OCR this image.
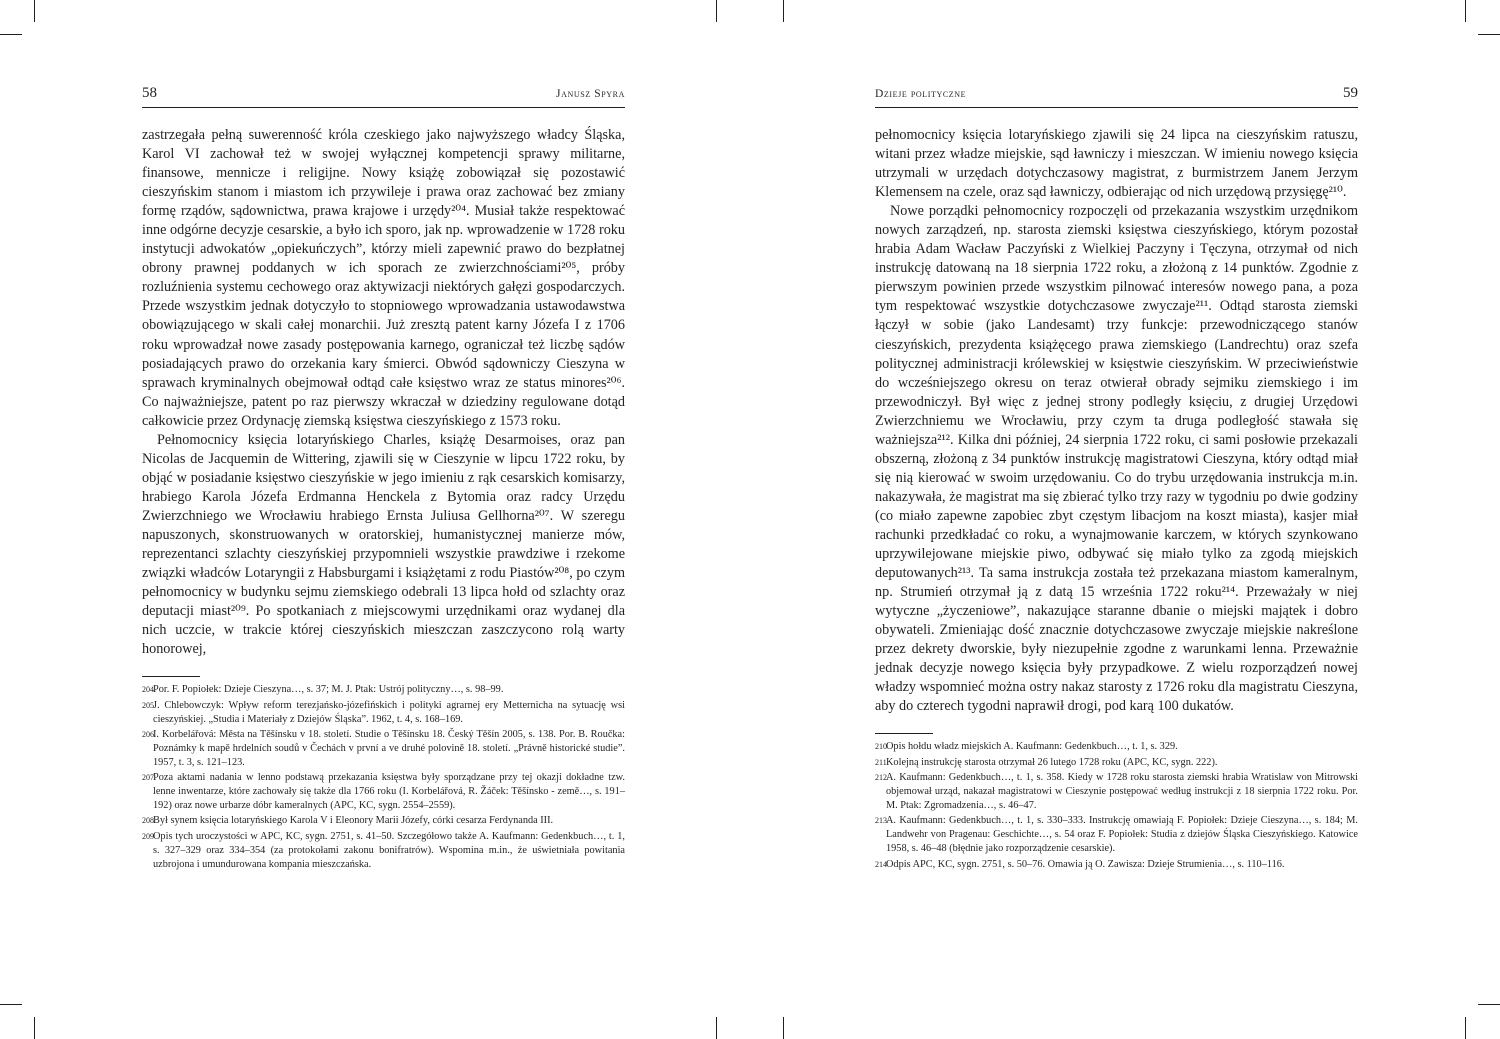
58	Janusz Spyra

zastrzegała pełną suwerenność króla czeskiego jako najwyższego władcy Śląska, Karol VI zachował też w swojej wyłącznej kompetencji sprawy militarne, finansowe, mennicze i religijne. Nowy książę zobowiązał się pozostawić cieszyńskim stanom i miastom ich przywileje i prawa oraz zachować bez zmiany formę rządów, sądownictwa, prawa krajowe i urzędy²⁰⁴. Musiał także respektować inne odgórne decyzje cesarskie, a było ich sporo, jak np. wprowadzenie w 1728 roku instytucji adwokatów „opiekuńczych”, którzy mieli zapewnić prawo do bezpłatnej obrony prawnej poddanych w ich sporach ze zwierzchnościami²⁰⁵, próby rozluźnienia systemu cechowego oraz aktywizacji niektórych gałęzi gospodarczych. Przede wszystkim jednak dotyczyło to stopniowego wprowadzania ustawodawstwa obowiązującego w skali całej monarchii. Już zresztą patent karny Józefa I z 1706 roku wprowadzał nowe zasady postępowania karnego, ograniczał też liczbę sądów posiadających prawo do orzekania kary śmierci. Obwód sądowniczy Cieszyna w sprawach kryminalnych obejmował odtąd całe księstwo wraz ze status minores²⁰⁶. Co najważniejsze, patent po raz pierwszy wkraczał w dziedziny regulowane dotąd całkowicie przez Ordynację ziemską księstwa cieszyńskiego z 1573 roku.

Pełnomocnicy księcia lotaryńskiego Charles, książę Desarmoises, oraz pan Nicolas de Jacquemin de Wittering, zjawili się w Cieszynie w lipcu 1722 roku, by objąć w posiadanie księstwo cieszyńskie w jego imieniu z rąk cesarskich komisarzy, hrabiego Karola Józefa Erdmanna Henckela z Bytomia oraz radcy Urzędu Zwierzchniego we Wrocławiu hrabiego Ernsta Juliusa Gellhorna²⁰⁷. W szeregu napuszonych, skonstruowanych w oratorskiej, humanistycznej manierze mów, reprezentanci szlachty cieszyńskiej przypomnieli wszystkie prawdziwe i rzekome związki władców Lotaryngii z Habsburgami i książętami z rodu Piastów²⁰⁸, po czym pełnomocnicy w budynku sejmu ziemskiego odebrali 13 lipca hołd od szlachty oraz deputacji miast²⁰⁹. Po spotkaniach z miejscowymi urzędnikami oraz wydanej dla nich uczcie, w trakcie której cieszyńskich mieszczan zaszczycono rolą warty honorowej,

204 Por. F. Popiołek: Dzieje Cieszyna…, s. 37; M. J. Ptak: Ustrój polityczny…, s. 98–99.
205 J. Chlebowczyk: Wpływ reform terezjańsko-józefińskich i polityki agrarnej ery Metternicha na sytuację wsi cieszyńskiej. „Studia i Materiały z Dziejów Śląska”. 1962, t. 4, s. 168–169.
206 I. Korbelářová: Města na Těšínsku v 18. století. Studie o Těšínsku 18. Český Těšín 2005, s. 138. Por. B. Roučka: Poznámky k mapě hrdelních soudů v Čechách v první a ve druhé polovině 18. století. „Právně historické studie”. 1957, t. 3, s. 121–123.
207 Poza aktami nadania w lenno podstawą przekazania księstwa były sporządzane przy tej okazji dokładne tzw. lenne inwentarze, które zachowały się także dla 1766 roku (I. Korbelářová, R. Žáček: Těšínsko - země…, s. 191–192) oraz nowe urbarze dóbr kameralnych (APC, KC, sygn. 2554–2559).
208 Był synem księcia lotaryńskiego Karola V i Eleonory Marii Józefy, córki cesarza Ferdynanda III.
209 Opis tych uroczystości w APC, KC, sygn. 2751, s. 41–50. Szczegółowo także A. Kaufmann: Gedenkbuch…, t. 1, s. 327–329 oraz 334–354 (za protokołami zakonu bonifratrów). Wspomina m.in., że uświetniała powitania uzbrojona i umundurowana kompania mieszczańska.
Dzieje polityczne	59

pełnomocnicy księcia lotaryńskiego zjawili się 24 lipca na cieszyńskim ratuszu, witani przez władze miejskie, sąd ławniczy i mieszczan. W imieniu nowego księcia utrzymali w urzędach dotychczasowy magistrat, z burmistrzem Janem Jerzym Klemensem na czele, oraz sąd ławniczy, odbierając od nich urzędową przysięgę²¹⁰.

Nowe porządki pełnomocnicy rozpoczęli od przekazania wszystkim urzędnikom nowych zarządzeń, np. starosta ziemski księstwa cieszyńskiego, którym pozostał hrabia Adam Wacław Paczyński z Wielkiej Paczyny i Tęczyna, otrzymał od nich instrukcję datowaną na 18 sierpnia 1722 roku, a złożoną z 14 punktów. Zgodnie z pierwszym powinien przede wszystkim pilnować interesów nowego pana, a poza tym respektować wszystkie dotychczasowe zwyczaje²¹¹. Odtąd starosta ziemski łączył w sobie (jako Landesamt) trzy funkcje: przewodniczącego stanów cieszyńskich, prezydenta książęcego prawa ziemskiego (Landrechtu) oraz szefa politycznej administracji królewskiej w księstwie cieszyńskim. W przeciwieństwie do wcześniejszego okresu on teraz otwierał obrady sejmiku ziemskiego i im przewodniczył. Był więc z jednej strony podległy księciu, z drugiej Urzędowi Zwierzchniemu we Wrocławiu, przy czym ta druga podległość stawała się ważniejsza²¹². Kilka dni później, 24 sierpnia 1722 roku, ci sami posłowie przekazali obszerną, złożoną z 34 punktów instrukcję magistratowi Cieszyna, który odtąd miał się nią kierować w swoim urzędowaniu. Co do trybu urzędowania instrukcja m.in. nakazywała, że magistrat ma się zbierać tylko trzy razy w tygodniu po dwie godziny (co miało zapewne zapobiec zbyt częstym libacjom na koszt miasta), kasjer miał rachunki przedkładać co roku, a wynajmowanie karczem, w których szynkowano uprzywilejowane miejskie piwo, odbywać się miało tylko za zgodą miejskich deputowanych²¹³. Ta sama instrukcja została też przekazana miastom kameralnym, np. Strumień otrzymał ją z datą 15 września 1722 roku²¹⁴. Przeważały w niej wytyczne „życzeniowe”, nakazujące staranne dbanie o miejski majątek i dobro obywateli. Zmieniając dość znacznie dotychczasowe zwyczaje miejskie nakreślone przez dekrety dworskie, były niezupełnie zgodne z warunkami lenna. Przeważnie jednak decyzje nowego księcia były przypadkowe. Z wielu rozporządzeń nowej władzy wspomnieć można ostry nakaz starosty z 1726 roku dla magistratu Cieszyna, aby do czterech tygodni naprawił drogi, pod karą 100 dukatów.

210 Opis hołdu władz miejskich A. Kaufmann: Gedenkbuch…, t. 1, s. 329.
211 Kolejną instrukcję starosta otrzymał 26 lutego 1728 roku (APC, KC, sygn. 222).
212 A. Kaufmann: Gedenkbuch…, t. 1, s. 358. Kiedy w 1728 roku starosta ziemski hrabia Wratislaw von Mitrowski objemował urząd, nakazał magistratowi w Cieszynie postępować według instrukcji z 18 sierpnia 1722 roku. Por. M. Ptak: Zgromadzenia…, s. 46–47.
213 A. Kaufmann: Gedenkbuch…, t. 1, s. 330–333. Instrukcję omawiają F. Popiołek: Dzieje Cieszyna…, s. 184; M. Landwehr von Pragenau: Geschichte…, s. 54 oraz F. Popiołek: Studia z dziejów Śląska Cieszyńskiego. Katowice 1958, s. 46–48 (błędnie jako rozporządzenie cesarskie).
214 Odpis APC, KC, sygn. 2751, s. 50–76. Omawia ją O. Zawisza: Dzieje Strumienia…, s. 110–116.
